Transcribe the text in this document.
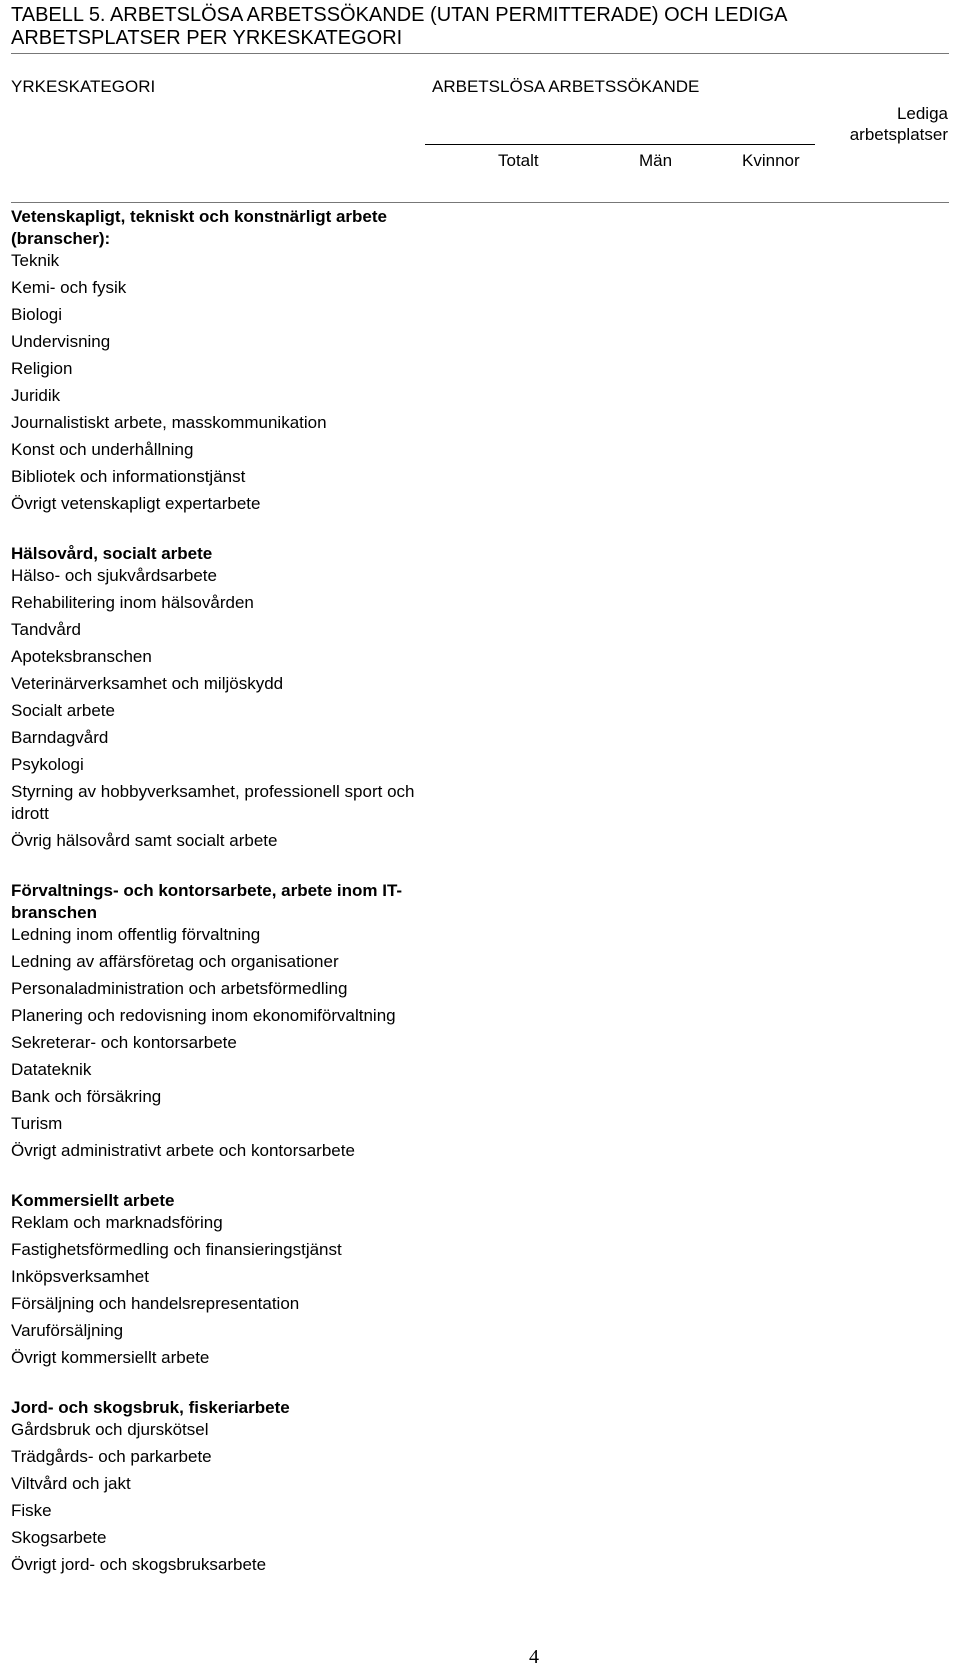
TABELL 5. ARBETSLÖSA ARBETSSÖKANDE (UTAN PERMITTERADE) OCH LEDIGA ARBETSPLATSER PER YRKESKATEGORI
YRKESKATEGORI	ARBETSLÖSA ARBETSSÖKANDE
Lediga arbetsplatser
Totalt	Män	Kvinnor
Vetenskapligt, tekniskt och konstnärligt arbete (branscher):
Teknik
Kemi- och fysik
Biologi
Undervisning
Religion
Juridik
Journalistiskt arbete, masskommunikation
Konst och underhållning
Bibliotek och informationstjänst
Övrigt vetenskapligt expertarbete
Hälsovård, socialt arbete
Hälso- och sjukvårdsarbete
Rehabilitering inom hälsovården
Tandvård
Apoteksbranschen
Veterinärverksamhet och miljöskydd
Socialt arbete
Barndagvård
Psykologi
Styrning av hobbyverksamhet, professionell sport och idrott
Övrig hälsovård samt socialt arbete
Förvaltnings- och kontorsarbete, arbete inom IT-branschen
Ledning inom offentlig förvaltning
Ledning av affärsföretag och organisationer
Personaladministration och arbetsförmedling
Planering och redovisning inom ekonomiförvaltning
Sekreterar- och kontorsarbete
Datateknik
Bank och försäkring
Turism
Övrigt administrativt arbete och kontorsarbete
Kommersiellt arbete
Reklam och marknadsföring
Fastighetsförmedling och finansieringstjänst
Inköpsverksamhet
Försäljning och handelsrepresentation
Varuförsäljning
Övrigt kommersiellt arbete
Jord- och skogsbruk, fiskeriarbete
Gårdsbruk och djurskötsel
Trädgårds- och parkarbete
Viltvård och jakt
Fiske
Skogsarbete
Övrigt jord- och skogsbruksarbete
4
